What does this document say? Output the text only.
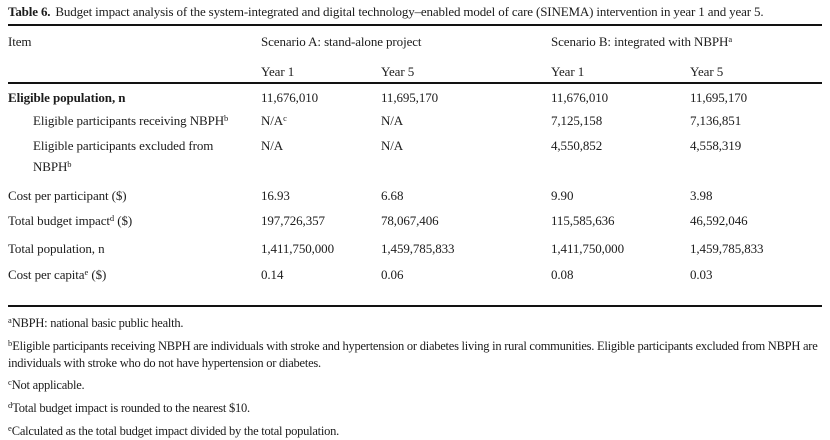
Table 6. Budget impact analysis of the system-integrated and digital technology–enabled model of care (SINEMA) intervention in year 1 and year 5.
Item	Scenario A: stand-alone project		Scenario B: integrated with NBPH$^a$
	Year 1	Year 5	Year 1	Year 5
Eligible population, n	11,676,010	11,695,170	11,676,010	11,695,170
Eligible participants receiving NBPH$^b$	$N/A^c$	N/A	7,125,158	7,136,851
Eligible participants excluded from
NBPH$^b$	N/A	N/A	4,550,852	4,558,319
Cost per participant ($)	16.93	6.68	9.90	3.98
Total budget impact$^d$ ($)	197,726,357	78,067,406	115,585,636	46,592,046
Total population, n	1,411,750,000	1,459,785,833	1,411,750,000	1,459,785,833
Cost per capita$^e$ ($)	0.14	0.06	0.08	0.03
$^a$NBPH: national basic public health.
$^b$Eligible participants receiving NBPH are individuals with stroke and hypertension or diabetes living in rural communities. Eligible participants excluded from NBPH are individuals with stroke who do not have hypertension or diabetes.
$^c$Not applicable.
$^d$Total budget impact is rounded to the nearest $10.
$^e$Calculated as the total budget impact divided by the total population.
